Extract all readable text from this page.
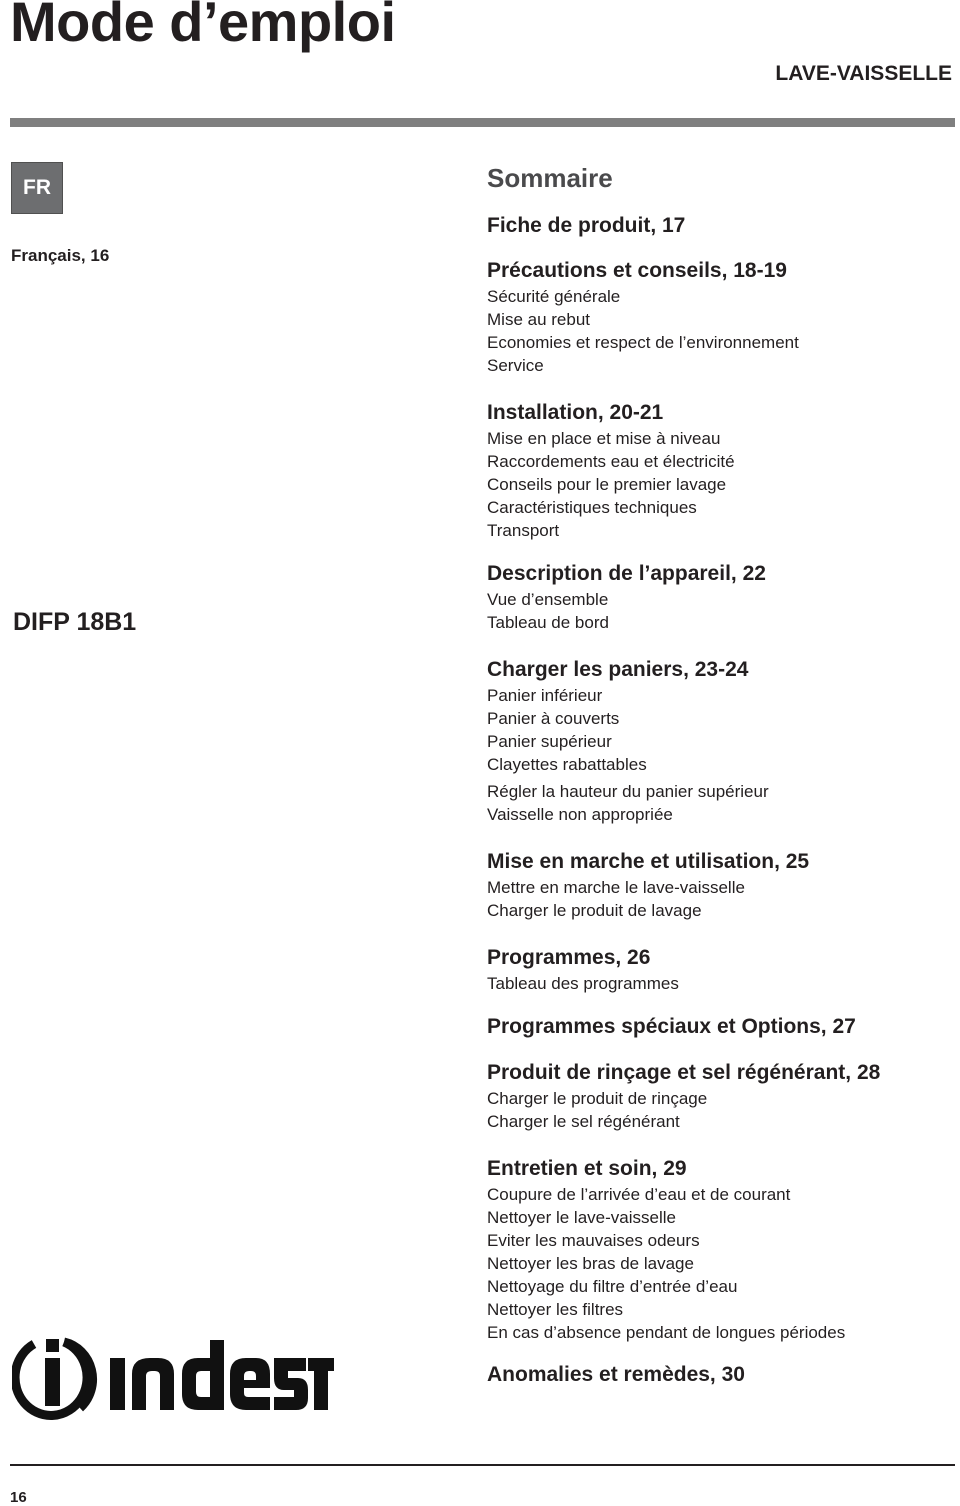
Mode d’emploi
LAVE-VAISSELLE
FR
Français, 16
DIFP 18B1
Sommaire
Fiche de produit, 17
Précautions et conseils, 18-19
Sécurité générale
Mise au rebut
Economies et respect de l’environnement
Service
Installation, 20-21
Mise en place et mise à niveau
Raccordements eau et électricité
Conseils pour le premier lavage
Caractéristiques techniques
Transport
Description de l’appareil, 22
Vue d’ensemble
Tableau de bord
Charger les paniers, 23-24
Panier inférieur
Panier à couverts
Panier supérieur
Clayettes rabattables
Régler la hauteur du panier supérieur
Vaisselle non appropriée
Mise en marche et utilisation, 25
Mettre en marche le lave-vaisselle
Charger le produit de lavage
Programmes, 26
Tableau des programmes
Programmes spéciaux et Options, 27
Produit de rinçage et sel régénérant, 28
Charger le produit de rinçage
Charger le sel régénérant
Entretien et soin, 29
Coupure de l’arrivée d’eau et de courant
Nettoyer le lave-vaisselle
Eviter les mauvaises odeurs
Nettoyer les bras de lavage
Nettoyage du filtre d’entrée d’eau
Nettoyer les filtres
En cas d’absence pendant de longues périodes
Anomalies et remèdes, 30
16
